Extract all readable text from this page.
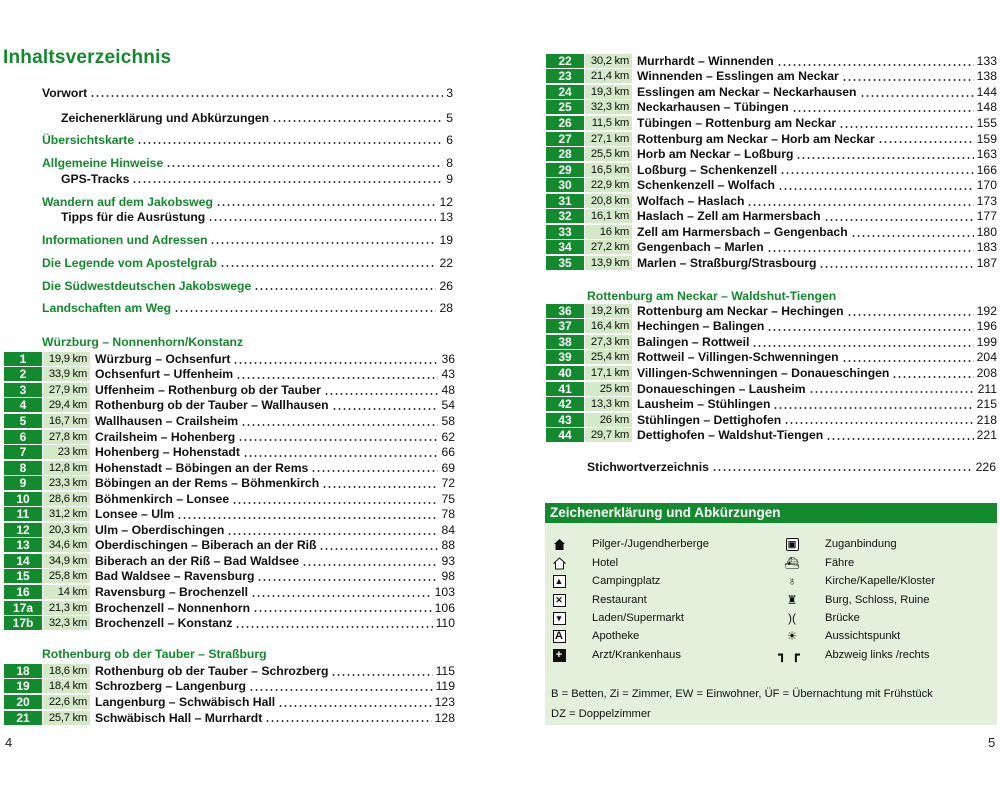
Inhaltsverzeichnis
Vorwort	3
Zeichenerklärung und Abkürzungen	5
Übersichtskarte	6
Allgemeine Hinweise	8
GPS-Tracks	9
Wandern auf dem Jakobsweg	12
Tipps für die Ausrüstung	13
Informationen und Adressen	19
Die Legende vom Apostelgrab	22
Die Südwestdeutschen Jakobswege	26
Landschaften am Weg	28
Würzburg – Nonnenhorn/Konstanz
1	19,9 km Würzburg – Ochsenfurt	36
2	33,9 km Ochsenfurt – Uffenheim	43
3	27,9 km Uffenheim – Rothenburg ob der Tauber	48
4	29,4 km Rothenburg ob der Tauber – Wallhausen	54
5	16,7 km Wallhausen – Crailsheim	58
6	27,8 km Crailsheim – Hohenberg	62
7	23 km Hohenberg – Hohenstadt	66
8	12,8 km Hohenstadt – Böbingen an der Rems	69
9	23,3 km Böbingen an der Rems – Böhmenkirch	72
10	28,6 km Böhmenkirch – Lonsee	75
11	31,2 km Lonsee – Ulm	78
12	20,3 km Ulm – Oberdischingen	84
13	34,6 km Oberdischingen – Biberach an der Riß	88
14	34,9 km Biberach an der Riß – Bad Waldsee	93
15	25,8 km Bad Waldsee – Ravensburg	98
16	14 km Ravensburg – Brochenzell	103
17a	21,3 km Brochenzell – Nonnenhorn	106
17b	32,3 km Brochenzell – Konstanz	110
Rothenburg ob der Tauber – Straßburg
18	18,6 km Rothenburg ob der Tauber – Schrozberg	115
19	18,4 km Schrozberg – Langenburg	119
20	22,6 km Langenburg – Schwäbisch Hall	123
21	25,7 km Schwäbisch Hall – Murrhardt	128
4
22	30,2 km Murrhardt – Winnenden	133
23	21,4 km Winnenden – Esslingen am Neckar	138
24	19,3 km Esslingen am Neckar – Neckarhausen	144
25	32,3 km Neckarhausen – Tübingen	148
26	11,5 km Tübingen – Rottenburg am Neckar	155
27	27,1 km Rottenburg am Neckar – Horb am Neckar	159
28	25,5 km Horb am Neckar – Loßburg	163
29	16,5 km Loßburg – Schenkenzell	166
30	22,9 km Schenkenzell – Wolfach	170
31	20,8 km Wolfach – Haslach	173
32	16,1 km Haslach – Zell am Harmersbach	177
33	16 km Zell am Harmersbach – Gengenbach	180
34	27,2 km Gengenbach – Marlen	183
35	13,9 km Marlen – Straßburg/Strasbourg	187
Rottenburg am Neckar – Waldshut-Tiengen
36	19,2 km Rottenburg am Neckar – Hechingen	192
37	16,4 km Hechingen – Balingen	196
38	27,3 km Balingen – Rottweil	199
39	25,4 km Rottweil – Villingen-Schwenningen	204
40	17,1 km Villingen-Schwenningen – Donaueschingen	208
41	25 km Donaueschingen – Lausheim	211
42	13,3 km Lausheim – Stühlingen	215
43	26 km Stühlingen – Dettighofen	218
44	29,7 km Dettighofen – Waldshut-Tiengen	221
Stichwortverzeichnis	226
5
Zeichenerklärung und Abkürzungen
Pilger-/Jugendherberge
Hotel
▲	Campingplatz
✕	Restaurant
▾	Laden/Supermarkt
A	Apotheke
+	Arzt/Krankenhaus
▣	Zuganbindung
⛴ Fähre
♁	Kirche/Kapelle/Kloster
♜ Burg, Schloss, Ruine
)(	Brücke
☀ Aussichtspunkt
┓┏ Abzweig links /rechts
B = Betten, Zi = Zimmer, EW = Einwohner, ÜF = Übernachtung mit Frühstück
DZ = Doppelzimmer
